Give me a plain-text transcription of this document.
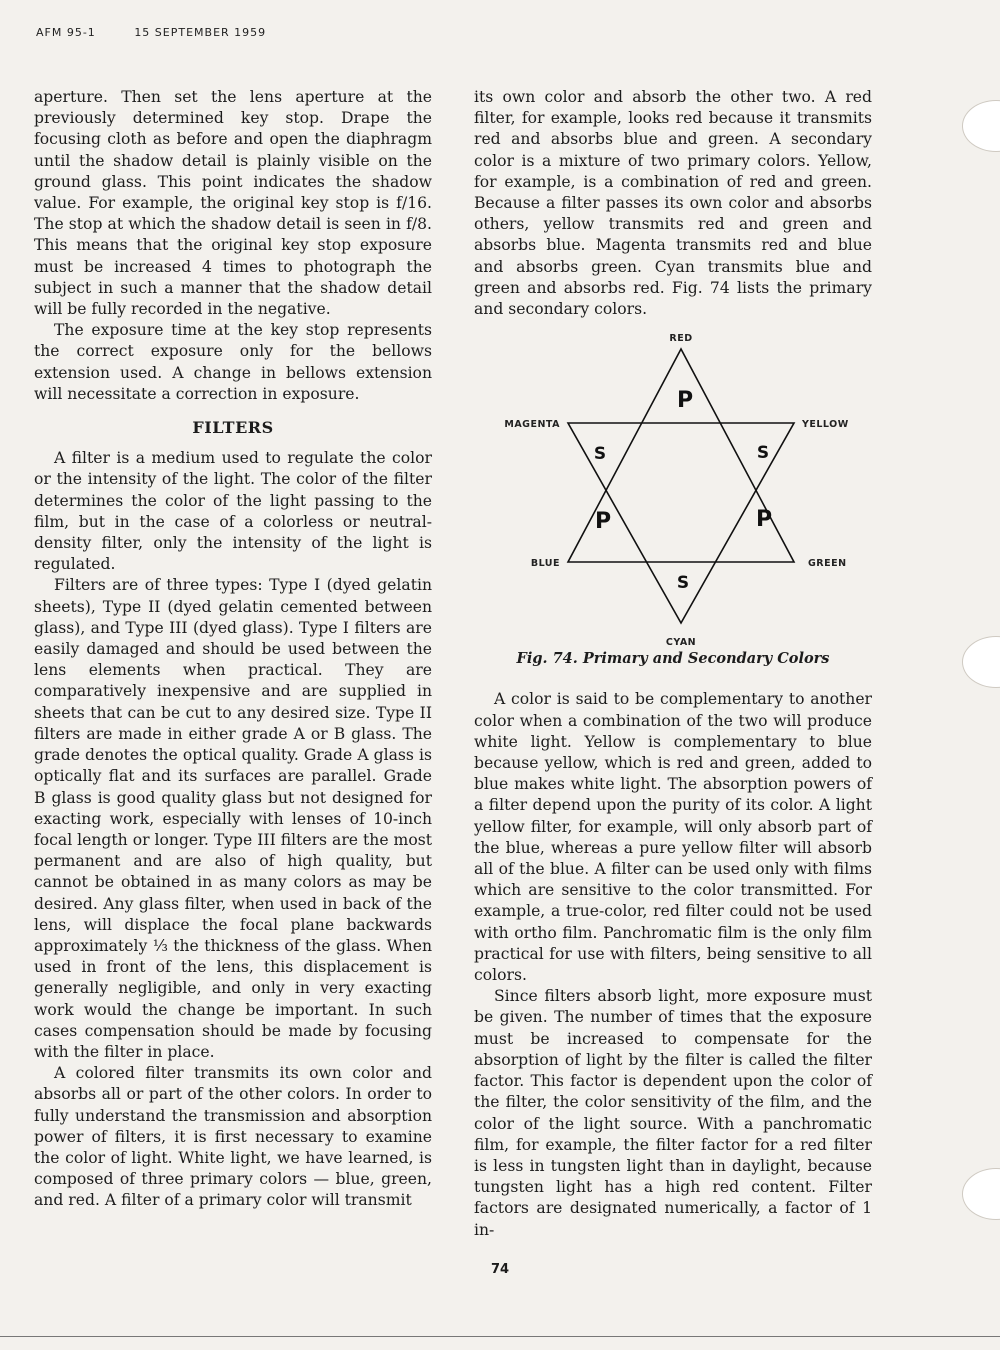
AFM 95-1	15 SEPTEMBER 1959

aperture. Then set the lens aperture at the previously determined key stop. Drape the focusing cloth as before and open the diaphragm until the shadow detail is plainly visible on the ground glass. This point indicates the shadow value. For example, the original key stop is f/16. The stop at which the shadow detail is seen in f/8. This means that the original key stop exposure must be increased 4 times to photograph the subject in such a manner that the shadow detail will be fully recorded in the negative.

The exposure time at the key stop represents the correct exposure only for the bellows extension used. A change in bellows extension will necessitate a correction in exposure.

FILTERS

A filter is a medium used to regulate the color or the intensity of the light. The color of the filter determines the color of the light passing to the film, but in the case of a colorless or neutral-density filter, only the intensity of the light is regulated.

Filters are of three types: Type I (dyed gelatin sheets), Type II (dyed gelatin cemented between glass), and Type III (dyed glass). Type I filters are easily damaged and should be used between the lens elements when practical. They are comparatively inexpensive and are supplied in sheets that can be cut to any desired size. Type II filters are made in either grade A or B glass. The grade denotes the optical quality. Grade A glass is optically flat and its surfaces are parallel. Grade B glass is good quality glass but not designed for exacting work, especially with lenses of 10-inch focal length or longer. Type III filters are the most permanent and are also of high quality, but cannot be obtained in as many colors as may be desired. Any glass filter, when used in back of the lens, will displace the focal plane backwards approximately ⅓ the thickness of the glass. When used in front of the lens, this displacement is generally negligible, and only in very exacting work would the change be important. In such cases compensation should be made by focusing with the filter in place.

A colored filter transmits its own color and absorbs all or part of the other colors. In order to fully understand the transmission and absorption power of filters, it is first necessary to examine the color of light. White light, we have learned, is composed of three primary colors — blue, green, and red. A filter of a primary color will transmit

its own color and absorb the other two. A red filter, for example, looks red because it transmits red and absorbs blue and green. A secondary color is a mixture of two primary colors. Yellow, for example, is a combination of red and green. Because a filter passes its own color and absorbs others, yellow transmits red and green and absorbs blue. Magenta transmits red and blue and absorbs green. Cyan transmits blue and green and absorbs red. Fig. 74 lists the primary and secondary colors.

RED
MAGENTA	YELLOW
BLUE	GREEN
CYAN
P
S	S
P	P
S
Fig. 74. Primary and Secondary Colors

A color is said to be complementary to another color when a combination of the two will produce white light. Yellow is complementary to blue because yellow, which is red and green, added to blue makes white light. The absorption powers of a filter depend upon the purity of its color. A light yellow filter, for example, will only absorb part of the blue, whereas a pure yellow filter will absorb all of the blue. A filter can be used only with films which are sensitive to the color transmitted. For example, a true-color, red filter could not be used with ortho film. Panchromatic film is the only film practical for use with filters, being sensitive to all colors.

Since filters absorb light, more exposure must be given. The number of times that the exposure must be increased to compensate for the absorption of light by the filter is called the filter factor. This factor is dependent upon the color of the filter, the color sensitivity of the film, and the color of the light source. With a panchromatic film, for example, the filter factor for a red filter is less in tungsten light than in daylight, because tungsten light has a high red content. Filter factors are designated numerically, a factor of 1 in-

74
